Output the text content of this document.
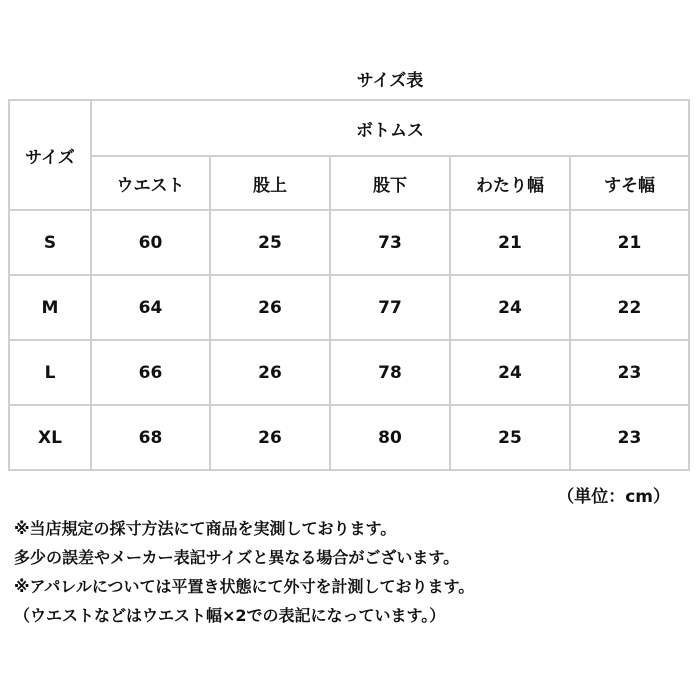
サイズ表
サイズ	ボトムス				
	ウエスト	股上	股下	わたり幅	すそ幅
S	60	25	73	21	21
M	64	26	77	24	22
L	66	26	78	24	23
XL	68	26	80	25	23
（単位：cm）
※当店規定の採寸方法にて商品を実測しております。
多少の誤差やメーカー表記サイズと異なる場合がございます。
※アパレルについては平置き状態にて外寸を計測しております。
（ウエストなどはウエスト幅×2での表記になっています。）
